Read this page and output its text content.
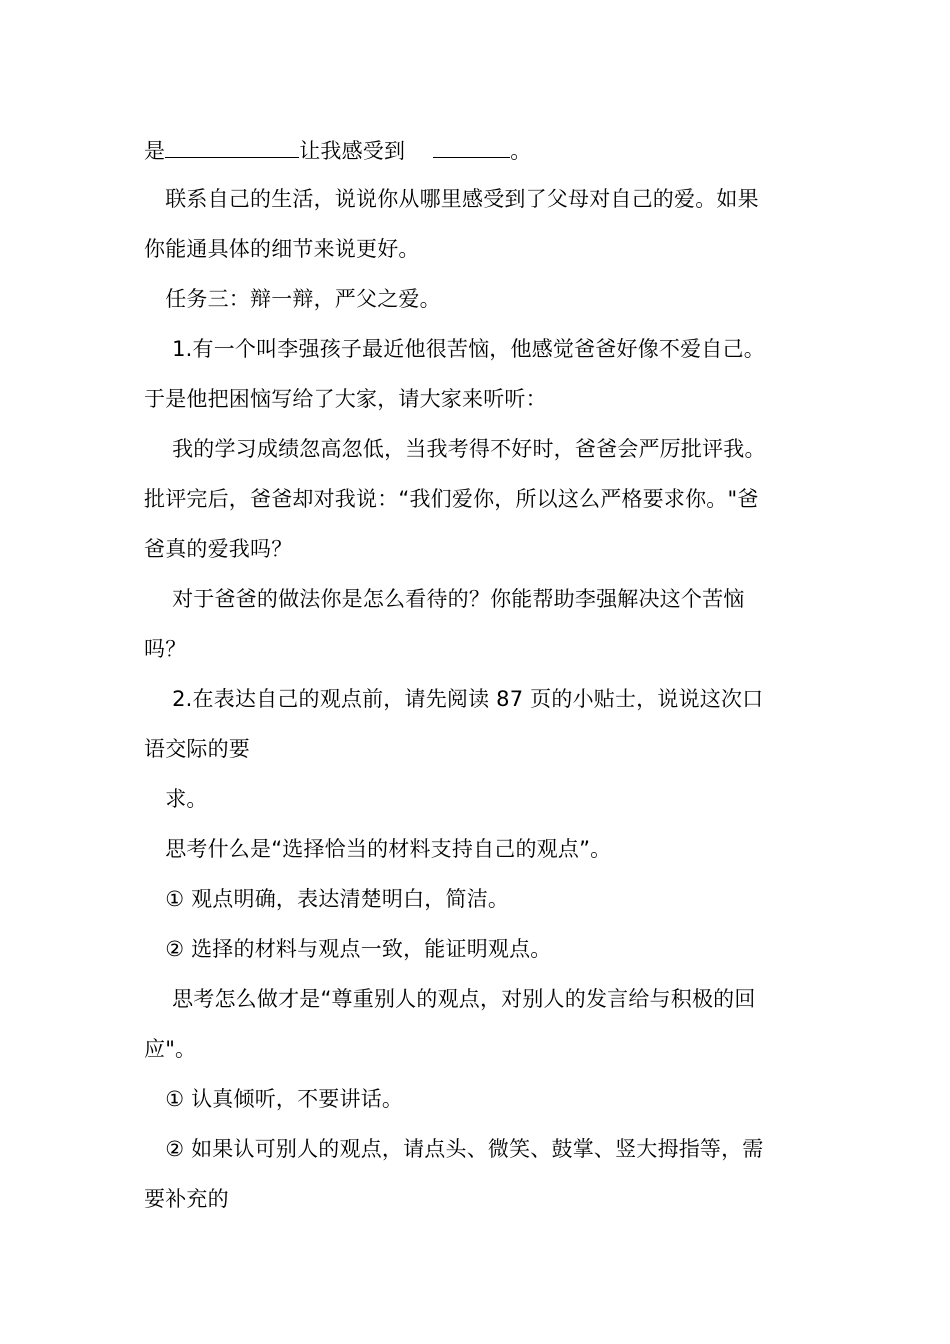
是	让我感受到	。
　联系自己的生活，说说你从哪里感受到了父母对自己的爱。如果
你能通具体的细节来说更好。
　任务三：辩一辩，严父之爱。
　 1.有一个叫李强孩子最近他很苦恼，他感觉爸爸好像不爱自己。
于是他把困恼写给了大家，请大家来听听：
　 我的学习成绩忽高忽低，当我考得不好时，爸爸会严厉批评我。
批评完后，爸爸却对我说：“我们爱你，所以这么严格要求你。"爸
爸真的爱我吗？
　 对于爸爸的做法你是怎么看待的？你能帮助李强解决这个苦恼
吗？
　 2.在表达自己的观点前，请先阅读 87 页的小贴士，说说这次口
语交际的要
　求。
　思考什么是“选择恰当的材料支持自己的观点”。
　① 观点明确，表达清楚明白，简洁。
　② 选择的材料与观点一致，能证明观点。
　 思考怎么做才是“尊重别人的观点，对别人的发言给与积极的回
应"。
　① 认真倾听，不要讲话。
　② 如果认可别人的观点，请点头、微笑、鼓掌、竖大拇指等，需
要补充的
